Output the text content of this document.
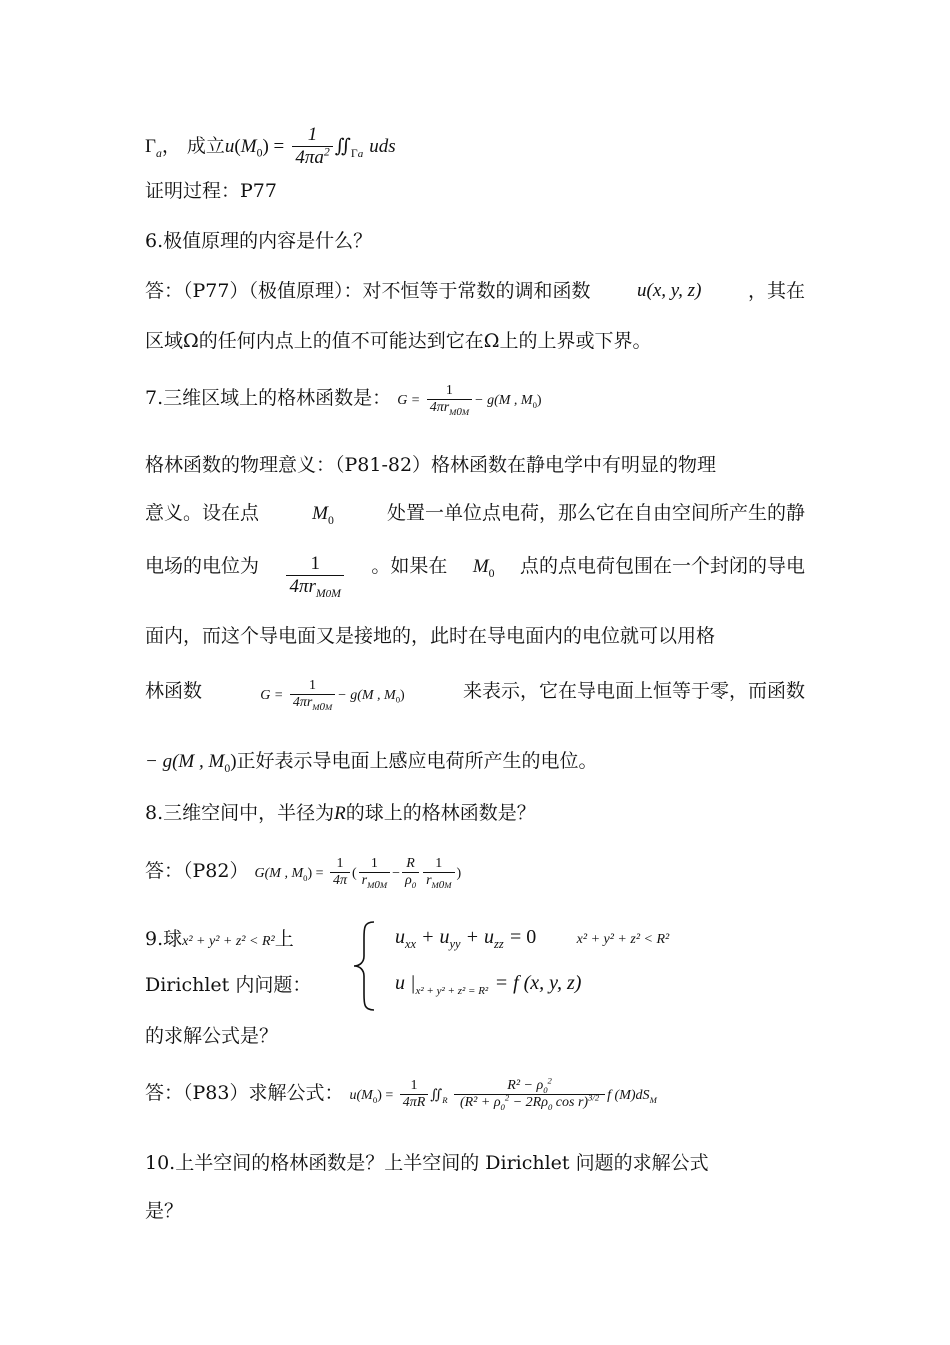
$\Gamma_a$， 成立$u(M_0) = \frac{1}{4\pi a^2}$ $∬_{\Gamma a}$ uds
证明过程：P77
6.极值原理的内容是什么？
答：（P77）（极值原理）：对不恒等于常数的调和函数 u(x, y, z) ，其在
区域Ω的任何内点上的值不可能达到它在Ω上的上界或下界。
7.三维区域上的格林函数是： $G = \frac{1}{4\pi r_{M0M}} - g(M$ , $M_0$)
格林函数的物理意义：（P81-82）格林函数在静电学中有明显的物理
意义。设在点	$M_0$	处置一单位点电荷，那么它在自由空间所产生的静
电场的电位为 $\frac{1}{4\pi r_{M0M}}$ 。如果在 $M_0$ 点的点电荷包围在一个封闭的导电
面内，而这个导电面又是接地的，此时在导电面内的电位就可以用格
林函数	$G = \frac{1}{4\pi r_{M0M}} - g(M$ , $M_0$)	来表示，它在导电面上恒等于零，而函数
− g(M , $M_0$)正好表示导电面上感应电荷所产生的电位。
8.三维空间中，半径为R的球上的格林函数是？
答：（P82） G(M , $M_0) = \frac{1}{4\pi}$ ( $\frac{1}{r_{M0M}} - \frac{R}{\rho_0} \frac{1}{r_{M0M}}$ )
9.球x² + y² + z² < R²上
Dirichlet 内问题：
$u_{xx} + u_{yy} + u_{zz} = 0$	x² + y² + z² < R²
u $|_{x^2 + y^2 + z^2 = R^2} = f$ (x, y, z)
的求解公式是？
答：（P83）求解公式： $u(M_0) = \frac{1}{4\pi R}$ $∬_R \frac{R^2 - \rho_0^2}{(R^2 + \rho_0^2 - 2R\rho_0 \cos r)^{3/2}}$ f $(M)dS_M$
10.上半空间的格林函数是？上半空间的 Dirichlet 问题的求解公式
是？
